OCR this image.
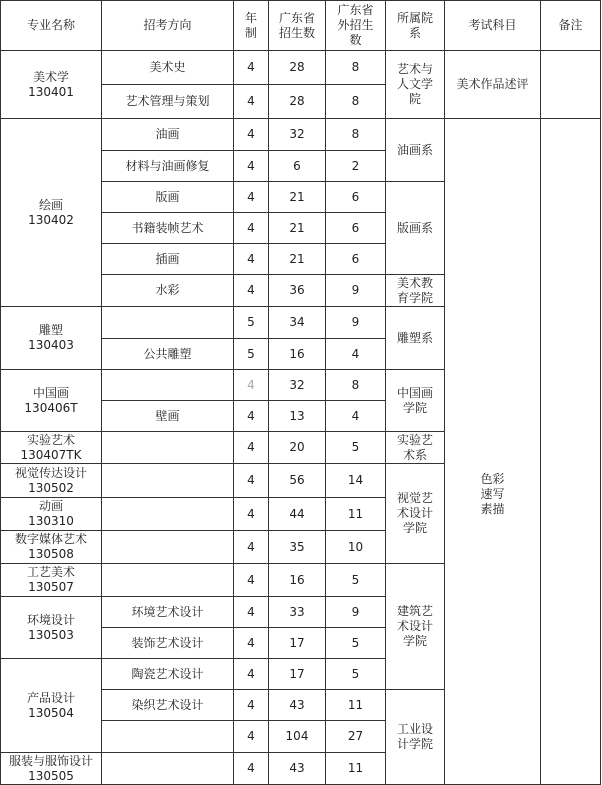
专业名称	招考方向	年制	广东省招生数	广东省外招生数	所属院系	考试科目	备注

美术学
130401	美术史	4	28	8	艺术与人文学院	美术作品述评	
	艺术管理与策划	4	28	8			

绘画
130402	油画	4	32	8	油画系	色彩
速写
素描	

	材料与油画修复	4	6	2			
	版画	4	21	6	版画系		
	书籍装帧艺术	4	21	6			
	插画	4	21	6			
	水彩	4	36	9	美术教育学院		

雕塑
130403		5	34	9	雕塑系		
	公共雕塑	5	16	4			

中国画
130406T		4	32	8	中国画学院		
	壁画	4	13	4			

实验艺术
130407TK		4	20	5	实验艺术系		

视觉传达设计
130502		4	56	14	视觉艺术设计学院		

动画
130310		4	44	11			

数字媒体艺术
130508		4	35	10			

工艺美术
130507		4	16	5	建筑艺术设计学院		

环境设计
130503	环境艺术设计	4	33	9			
	装饰艺术设计	4	17	5			

产品设计
130504	陶瓷艺术设计	4	17	5			
	染织艺术设计	4	43	11	工业设计学院		
		4	104	27			

服装与服饰设计
130505		4	43	11			
